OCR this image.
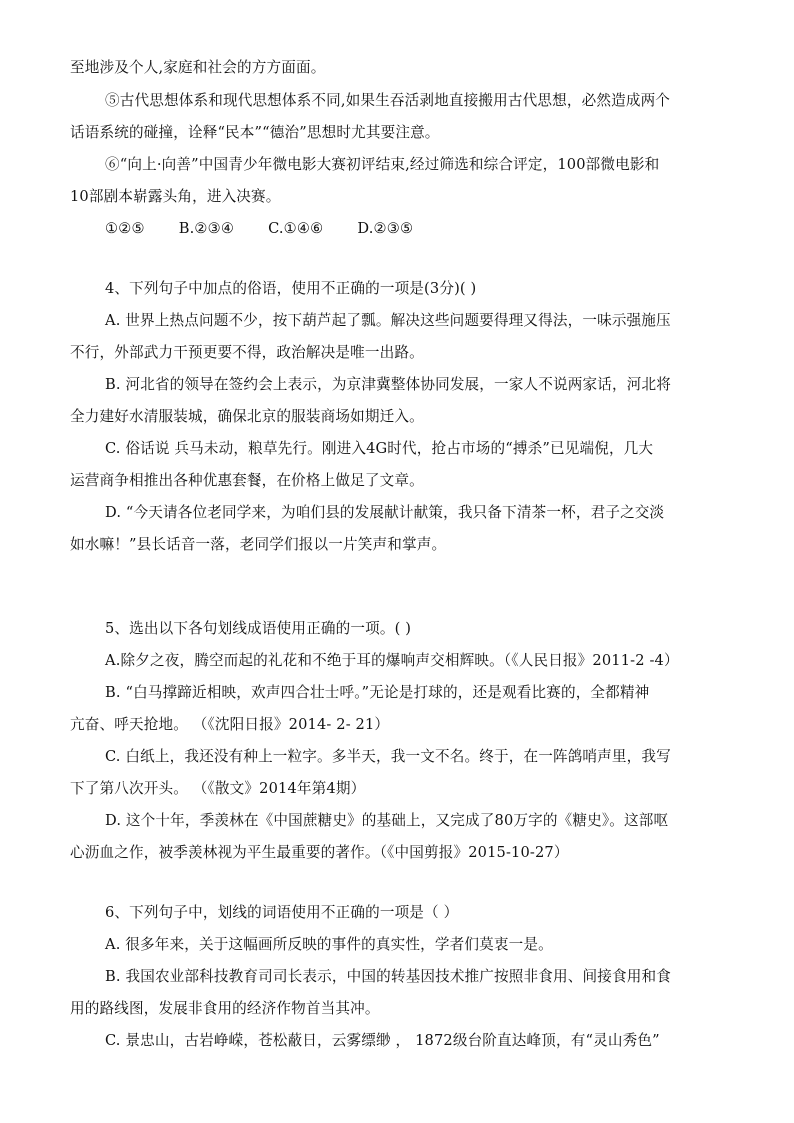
至地涉及个人,家庭和社会的方方面面。
⑤古代思想体系和现代思想体系不同,如果生吞活剥地直接搬用古代思想，必然造成两个
话语系统的碰撞，诠释“民本”“德治”思想时尤其要注意。
⑥“向上·向善”中国青少年微电影大赛初评结束,经过筛选和综合评定，100部微电影和
10部剧本崭露头角，进入决赛。
①②⑤ B.②③④ C.①④⑥ D.②③⑤
4、下列句子中加点的俗语，使用不正确的一项是(3分)( )
A. 世界上热点问题不少，按下葫芦起了瓢。解决这些问题要得理又得法，一味示强施压
不行，外部武力干预更要不得，政治解决是唯一出路。
B. 河北省的领导在签约会上表示，为京津冀整体协同发展，一家人不说两家话，河北将
全力建好水清服装城，确保北京的服装商场如期迁入。
C. 俗话说 兵马未动，粮草先行。刚进入4G时代，抢占市场的“搏杀”已见端倪，几大
运营商争相推出各种优惠套餐，在价格上做足了文章。
D. “今天请各位老同学来，为咱们县的发展献计献策，我只备下清茶一杯，君子之交淡
如水嘛！”县长话音一落，老同学们报以一片笑声和掌声。
5、选出以下各句划线成语使用正确的一项。( )
A.除夕之夜，腾空而起的礼花和不绝于耳的爆响声交相辉映。（《人民日报》2011-2 -4）
B. “白马撑蹄近相映，欢声四合壮士呼。”无论是打球的，还是观看比赛的，全都精神
亢奋、呼天抢地。 （《沈阳日报》2014- 2- 21）
C. 白纸上，我还没有种上一粒字。多半天，我一文不名。终于，在一阵鸽哨声里，我写
下了第八次开头。 （《散文》2014年第4期）
D. 这个十年，季羡林在《中国蔗糖史》的基础上，又完成了80万字的《糖史》。这部呕
心沥血之作，被季羡林视为平生最重要的著作。（《中国剪报》2015-10-27）
6、下列句子中，划线的词语使用不正确的一项是（ ）
A. 很多年来，关于这幅画所反映的事件的真实性，学者们莫衷一是。
B. 我国农业部科技教育司司长表示，中国的转基因技术推广按照非食用、间接食用和食
用的路线图，发展非食用的经济作物首当其冲。
C. 景忠山，古岩峥嵘，苍松蔽日，云雾缥缈 ， 1872级台阶直达峰顶，有“灵山秀色”
